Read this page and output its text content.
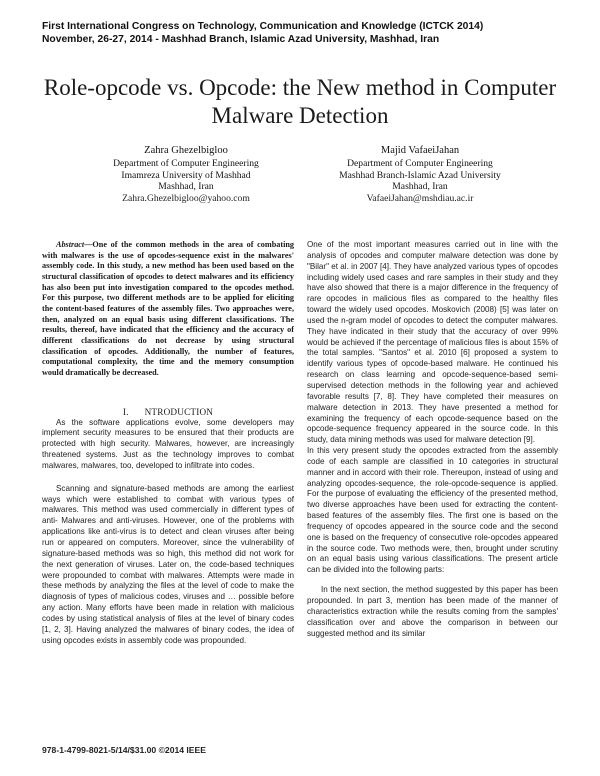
First International Congress on Technology, Communication and Knowledge (ICTCK 2014)
November, 26-27, 2014 - Mashhad Branch, Islamic Azad University, Mashhad, Iran
Role-opcode vs. Opcode: the New method in Computer Malware Detection
Zahra Ghezelbigloo
Department of Computer Engineering
Imamreza University of Mashhad
Mashhad, Iran
Zahra.Ghezelbigloo@yahoo.com
Majid VafaeiJahan
Department of Computer Engineering
Mashhad Branch-Islamic Azad University
Mashhad, Iran
VafaeiJahan@mshdiau.ac.ir

Abstract—One of the common methods in the area of combating with malwares is the use of opcodes-sequence exist in the malwares' assembly code. In this study, a new method has been used based on the structural classification of opcodes to detect malwares and its efficiency has also been put into investigation compared to the opcodes method. For this purpose, two different methods are to be applied for eliciting the content-based features of the assembly files. Two approaches were, then, analyzed on an equal basis using different classifications. The results, thereof, have indicated that the efficiency and the accuracy of different classifications do not decrease by using structural classification of opcodes. Additionally, the number of features, computational complexity, the time and the memory consumption would dramatically be decreased.

I. NTRODUCTION

As the software applications evolve, some developers may implement security measures to be ensured that their products are protected with high security. Malwares, however, are increasingly threatened systems. Just as the technology improves to combat malwares, malwares, too, developed to infiltrate into codes.

Scanning and signature-based methods are among the earliest ways which were established to combat with various types of malwares. This method was used commercially in different types of anti- Malwares and anti-viruses. However, one of the problems with applications like anti-virus is to detect and clean viruses after being run or appeared on computers. Moreover, since the vulnerability of signature-based methods was so high, this method did not work for the next generation of viruses. Later on, the code-based techniques were propounded to combat with malwares. Attempts were made in these methods by analyzing the files at the level of code to make the diagnosis of types of malicious codes, viruses and … possible before any action. Many efforts have been made in relation with malicious codes by using statistical analysis of files at the level of binary codes [1, 2, 3]. Having analyzed the malwares of binary codes, the idea of using opcodes exists in assembly code was propounded.

One of the most important measures carried out in line with the analysis of opcodes and computer malware detection was done by "Bilar" et al. in 2007 [4]. They have analyzed various types of opcodes including widely used cases and rare samples in their study and they have also showed that there is a major difference in the frequency of rare opcodes in malicious files as compared to the healthy files toward the widely used opcodes. Moskovich (2008) [5] was later on used the n-gram model of opcodes to detect the computer malwares. They have indicated in their study that the accuracy of over 99% would be achieved if the percentage of malicious files is about 15% of the total samples. "Santos" et al. 2010 [6] proposed a system to identify various types of opcode-based malware. He continued his research on class learning and opcode-sequence-based semi-supervised detection methods in the following year and achieved favorable results [7, 8]. They have completed their measures on malware detection in 2013. They have presented a method for examining the frequency of each opcode-sequence based on the opcode-sequence frequency appeared in the source code. In this study, data mining methods was used for malware detection [9].

In this very present study the opcodes extracted from the assembly code of each sample are classified in 10 categories in structural manner and in accord with their role. Thereupon, instead of using and analyzing opcodes-sequence, the role-opcode-sequence is applied. For the purpose of evaluating the efficiency of the presented method, two diverse approaches have been used for extracting the content-based features of the assembly files. The first one is based on the frequency of opcodes appeared in the source code and the second one is based on the frequency of consecutive role-opcodes appeared in the source code. Two methods were, then, brought under scrutiny on an equal basis using various classifications. The present article can be divided into the following parts:

In the next section, the method suggested by this paper has been propounded. In part 3, mention has been made of the manner of characteristics extraction while the results coming from the samples' classification over and above the comparison in between our suggested method and its similar

978-1-4799-8021-5/14/$31.00 ©2014 IEEE
